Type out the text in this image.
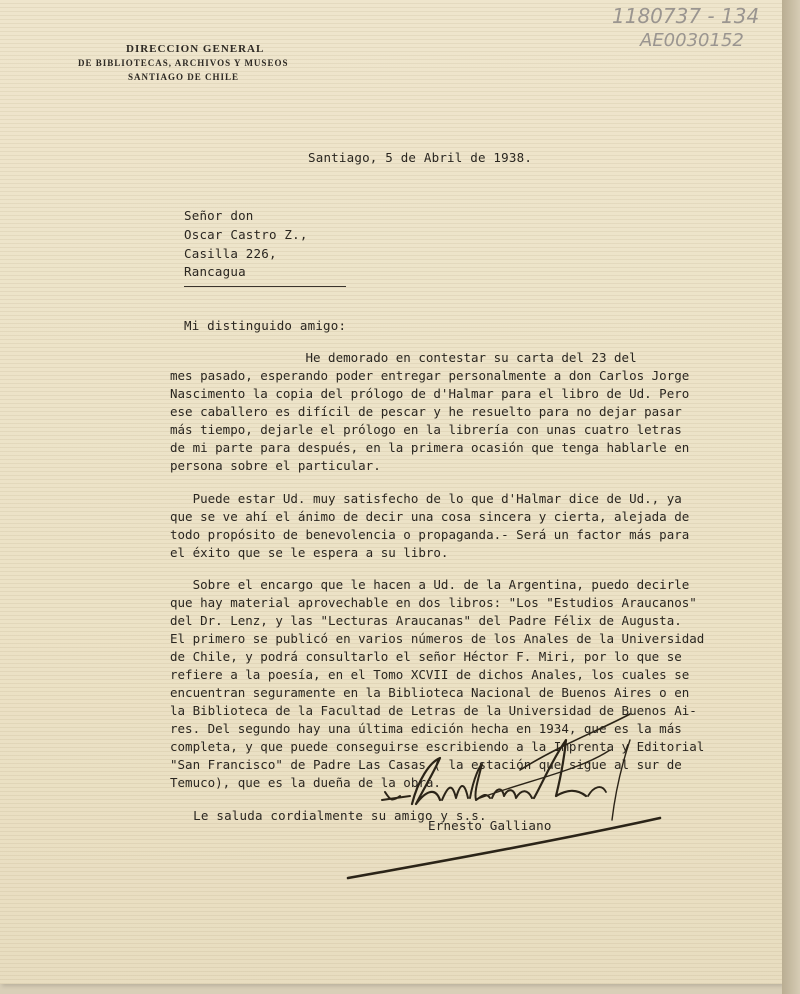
1180737 - 134
AE0030152
DIRECCION GENERAL
DE BIBLIOTECAS, ARCHIVOS Y MUSEOS
SANTIAGO DE CHILE
Santiago, 5 de Abril de 1938.
Señor don
Oscar Castro Z.,
Casilla 226,
Rancagua
Mi distinguido amigo:
He demorado en contestar su carta del 23 del
mes pasado, esperando poder entregar personalmente a don Carlos Jorge
Nascimento la copia del prólogo de d'Halmar para el libro de Ud. Pero
ese caballero es difícil de pescar y he resuelto para no dejar pasar
más tiempo, dejarle el prólogo en la librería con unas cuatro letras
de mi parte para después, en la primera ocasión que tenga hablarle en
persona sobre el particular.
Puede estar Ud. muy satisfecho de lo que d'Halmar dice de Ud., ya
que se ve ahí el ánimo de decir una cosa sincera y cierta, alejada de
todo propósito de benevolencia o propaganda.- Será un factor más para
el éxito que se le espera a su libro.
Sobre el encargo que le hacen a Ud. de la Argentina, puedo decirle
que hay material aprovechable en dos libros: "Los "Estudios Araucanos"
del Dr. Lenz, y las "Lecturas Araucanas" del Padre Félix de Augusta.
El primero se publicó en varios números de los Anales de la Universidad
de Chile, y podrá consultarlo el señor Héctor F. Miri, por lo que se
refiere a la poesía, en el Tomo XCVII de dichos Anales, los cuales se
encuentran seguramente en la Biblioteca Nacional de Buenos Aires o en
la Biblioteca de la Facultad de Letras de la Universidad de Buenos Ai-
res. Del segundo hay una última edición hecha en 1934, que es la más
completa, y que puede conseguirse escribiendo a la Imprenta y Editorial
"San Francisco" de Padre Las Casas ( la estación que sigue al sur de
Temuco), que es la dueña de la obra.
Le saluda cordialmente su amigo y s.s.
Ernesto Galliano
